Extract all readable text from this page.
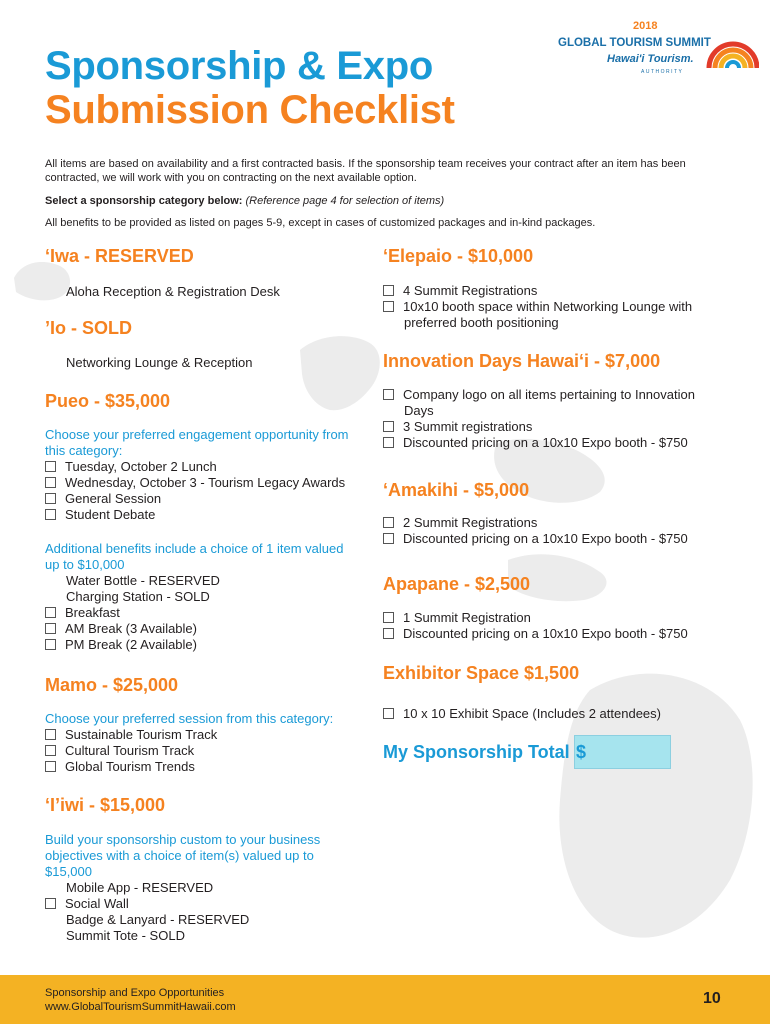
Sponsorship & Expo
Submission Checklist
2018
GLOBAL TOURISM SUMMIT
Hawai'i Tourism.
AUTHORITY
All items are based on availability and a first contracted basis. If the sponsorship team receives your contract after an item has been contracted, we will work with you on contracting on the next available option.
Select a sponsorship category below: (Reference page 4 for selection of items)
All benefits to be provided as listed on pages 5-9, except in cases of customized packages and in-kind packages.
‘Iwa - RESERVED
Aloha Reception & Registration Desk
’Io - SOLD
Networking Lounge & Reception
Pueo - $35,000
Choose your preferred engagement opportunity from this category:
Tuesday, October 2 Lunch
Wednesday, October 3 - Tourism Legacy Awards
General Session
Student Debate
Additional benefits include a choice of 1 item valued up to $10,000
Water Bottle - RESERVED
Charging Station - SOLD
Breakfast
AM Break (3 Available)
PM Break (2 Available)
Mamo - $25,000
Choose your preferred session from this category:
Sustainable Tourism Track
Cultural Tourism Track
Global Tourism Trends
‘I’iwi - $15,000
Build your sponsorship custom to your business objectives with a choice of item(s) valued up to $15,000
Mobile App - RESERVED
Social Wall
Badge & Lanyard - RESERVED
Summit Tote - SOLD
‘Elepaio - $10,000
4 Summit Registrations
10x10 booth space within Networking Lounge with
preferred booth positioning
Innovation Days Hawai‘i - $7,000
Company logo on all items pertaining to Innovation
Days
3 Summit registrations
Discounted pricing on a 10x10 Expo booth - $750
‘Amakihi - $5,000
2 Summit Registrations
Discounted pricing on a 10x10 Expo booth - $750
Apapane - $2,500
1 Summit Registration
Discounted pricing on a 10x10 Expo booth - $750
Exhibitor Space $1,500
10 x 10 Exhibit Space (Includes 2 attendees)
My Sponsorship Total $
Sponsorship and Expo Opportunities
www.GlobalTourismSummitHawaii.com	10
